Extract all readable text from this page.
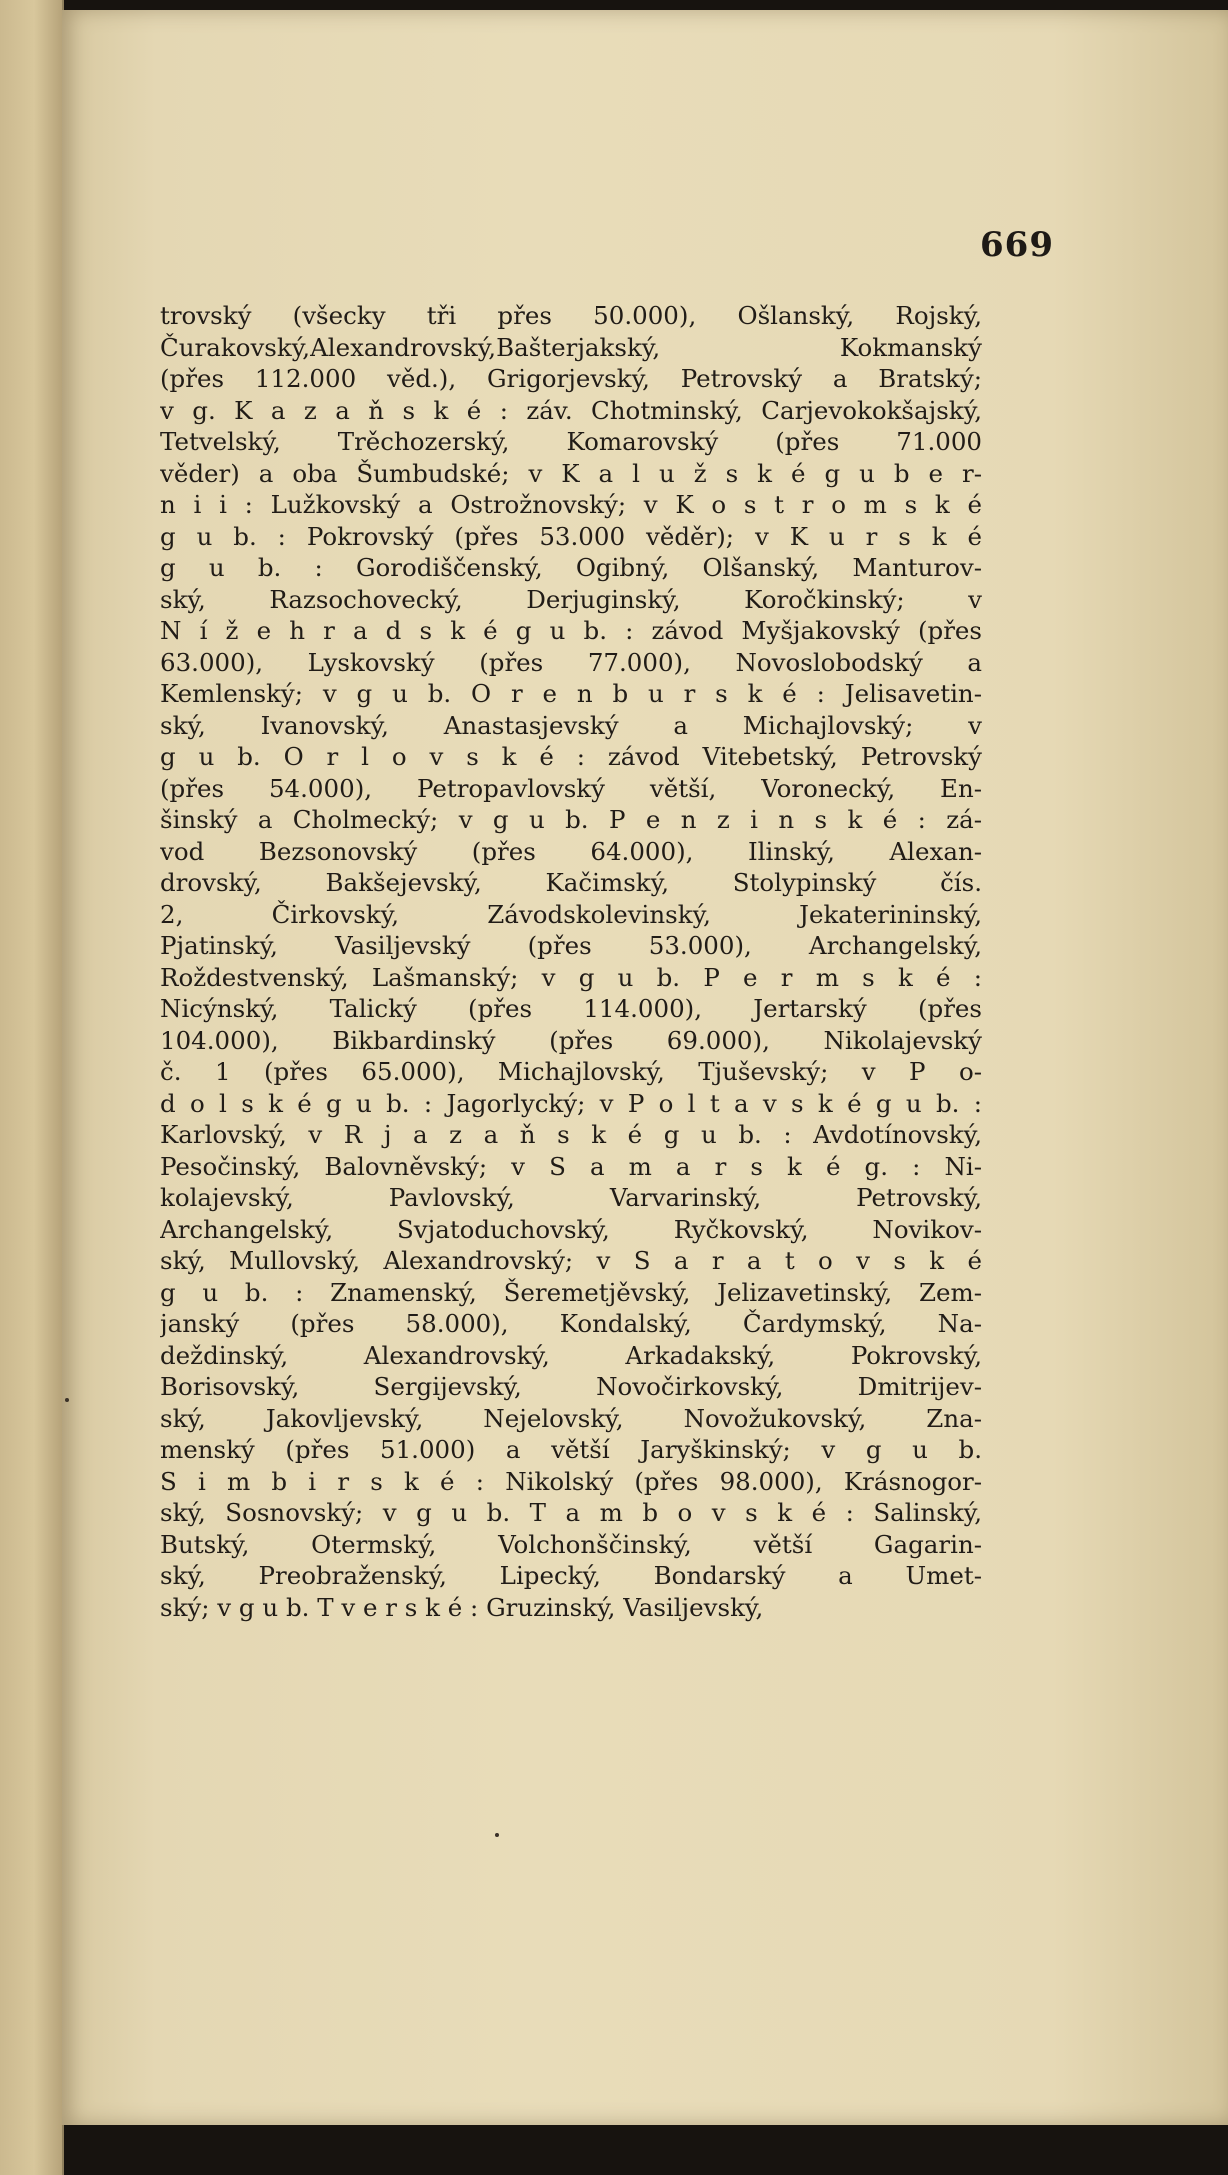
669
trovský (všecky tři přes 50.000), Ošlanský, Rojský,
Čurakovský,Alexandrovský,Bašterjakský, Kokmanský
(přes 112.000 věd.), Grigorjevský, Petrovský a Bratský;
v g. K a z a ň s k é : záv. Chotminský, Carjevokokšajský,
Tetvelský, Trěchozerský, Komarovský (přes 71.000
věder) a oba Šumbudské; v K a l u ž s k é g u b e r-
n i i : Lužkovský a Ostrožnovský; v K o s t r o m s k é
g u b. : Pokrovský (přes 53.000 věděr); v K u r s k é
g u b. : Gorodiščenský, Ogibný, Olšanský, Manturov-
ský, Razsochovecký, Derjuginský, Koročkinský; v
N í ž e h r a d s k é g u b. : závod Myšjakovský (přes
63.000), Lyskovský (přes 77.000), Novoslobodský a
Kemlenský; v g u b. O r e n b u r s k é : Jelisavetin-
ský, Ivanovský, Anastasjevský a Michajlovský; v
g u b. O r l o v s k é : závod Vitebetský, Petrovský
(přes 54.000), Petropavlovský větší, Voronecký, En-
šinský a Cholmecký; v g u b. P e n z i n s k é : zá-
vod Bezsonovský (přes 64.000), Ilinský, Alexan-
drovský, Bakšejevský, Kačimský, Stolypinský čís.
2, Čirkovský, Závodskolevinský, Jekaterininský,
Pjatinský, Vasiljevský (přes 53.000), Archangelský,
Roždestvenský, Lašmanský; v g u b. P e r m s k é :
Nicýnský, Talický (přes 114.000), Jertarský (přes
104.000), Bikbardinský (přes 69.000), Nikolajevský
č. 1 (přes 65.000), Michajlovský, Tjuševský; v P o-
d o l s k é g u b. : Jagorlycký; v P o l t a v s k é g u b. :
Karlovský, v R j a z a ň s k é g u b. : Avdotínovský,
Pesočinský, Balovněvský; v S a m a r s k é g. : Ni-
kolajevský, Pavlovský, Varvarinský, Petrovský,
Archangelský, Svjatoduchovský, Ryčkovský, Novikov-
ský, Mullovský, Alexandrovský; v S a r a t o v s k é
g u b. : Znamenský, Šeremetjěvský, Jelizavetinský, Zem-
janský (přes 58.000), Kondalský, Čardymský, Na-
deždinský, Alexandrovský, Arkadakský, Pokrovský,
Borisovský, Sergijevský, Novočirkovský, Dmitrijev-
ský, Jakovljevský, Nejelovský, Novožukovský, Zna-
menský (přes 51.000) a větší Jaryškinský; v g u b.
S i m b i r s k é : Nikolský (přes 98.000), Krásnogor-
ský, Sosnovský; v g u b. T a m b o v s k é : Salinský,
Butský, Otermský, Volchonščinský, větší Gagarin-
ský, Preobraženský, Lipecký, Bondarský a Umet-
ský; v g u b. T v e r s k é : Gruzinský, Vasiljevský,
